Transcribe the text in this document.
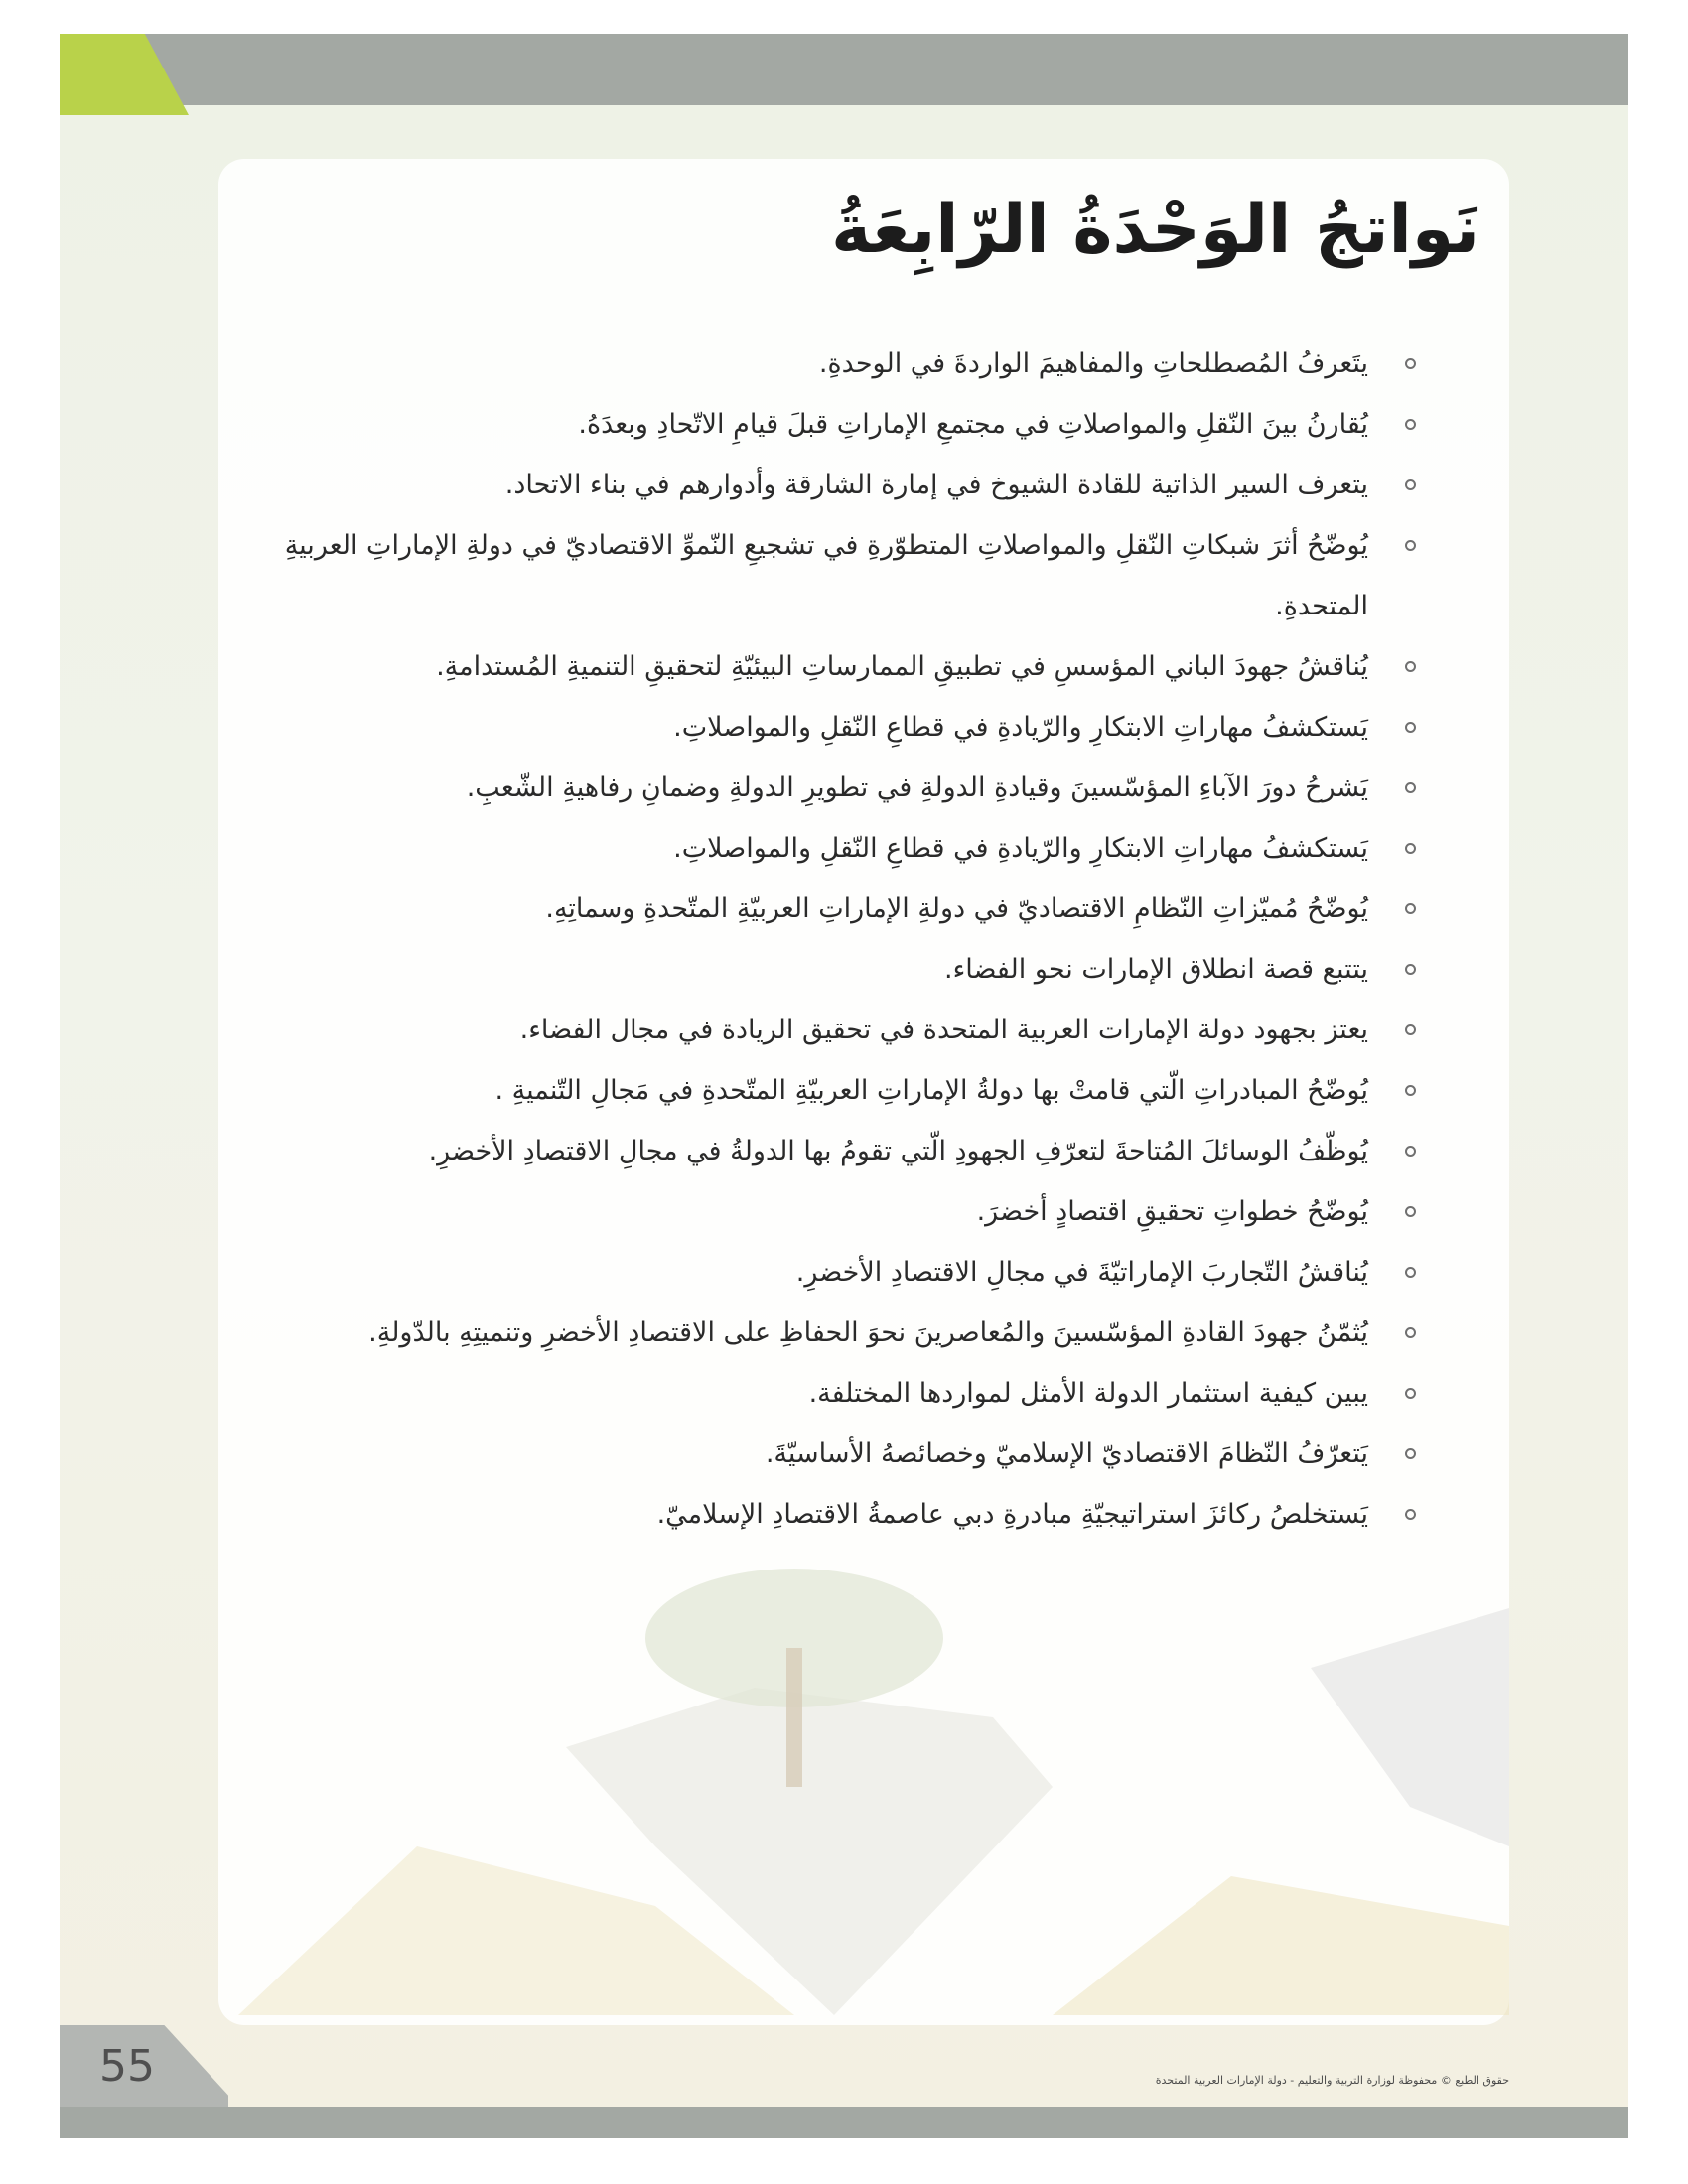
نَواتجُ الوَحْدَةُ الرّابِعَةُ
يتَعرفُ المُصطلحاتِ والمفاهيمَ الواردةَ في الوحدةِ.
يُقارنُ بينَ النّقلِ والمواصلاتِ في مجتمعِ الإماراتِ قبلَ قيامِ الاتّحادِ وبعدَهُ.
يتعرف السير الذاتية للقادة الشيوخ في إمارة الشارقة وأدوارهم في بناء الاتحاد.
يُوضّحُ أثرَ شبكاتِ النّقلِ والمواصلاتِ المتطوّرةِ في تشجيعِ النّموِّ الاقتصاديّ في دولةِ الإماراتِ العربيةِ المتحدةِ.
يُناقشُ جهودَ الباني المؤسسِ في تطبيقِ الممارساتِ البيئيّةِ لتحقيقِ التنميةِ المُستدامةِ.
يَستكشفُ مهاراتِ الابتكارِ والرّيادةِ في قطاعِ النّقلِ والمواصلاتِ.
يَشرحُ دورَ الآباءِ المؤسّسينَ وقيادةِ الدولةِ في تطويرِ الدولةِ وضمانِ رفاهيةِ الشّعبِ.
يَستكشفُ مهاراتِ الابتكارِ والرّيادةِ في قطاعِ النّقلِ والمواصلاتِ.
يُوضّحُ مُميّزاتِ النّظامِ الاقتصاديّ في دولةِ الإماراتِ العربيّةِ المتّحدةِ وسماتِهِ.
يتتبع قصة انطلاق الإمارات نحو الفضاء.
يعتز بجهود دولة الإمارات العربية المتحدة في تحقيق الريادة في مجال الفضاء.
يُوضّحُ المبادراتِ الّتي قامتْ بها دولةُ الإماراتِ العربيّةِ المتّحدةِ في مَجالِ التّنميةِ .
يُوظّفُ الوسائلَ المُتاحةَ لتعرّفِ الجهودِ الّتي تقومُ بها الدولةُ في مجالِ الاقتصادِ الأخضرِ.
يُوضّحُ خطواتِ تحقيقِ اقتصادٍ أخضرَ.
يُناقشُ التّجاربَ الإماراتيّةَ في مجالِ الاقتصادِ الأخضرِ.
يُثمّنُ جهودَ القادةِ المؤسّسينَ والمُعاصرينَ نحوَ الحفاظِ على الاقتصادِ الأخضرِ وتنميتِهِ بالدّولةِ.
يبين كيفية استثمار الدولة الأمثل لمواردها المختلفة.
يَتعرّفُ النّظامَ الاقتصاديّ الإسلاميّ وخصائصهُ الأساسيّةَ.
يَستخلصُ ركائزَ استراتيجيّةِ مبادرةِ دبي عاصمةُ الاقتصادِ الإسلاميّ.
55	حقوق الطبع © محفوظة لوزارة التربية والتعليم - دولة الإمارات العربية المتحدة
